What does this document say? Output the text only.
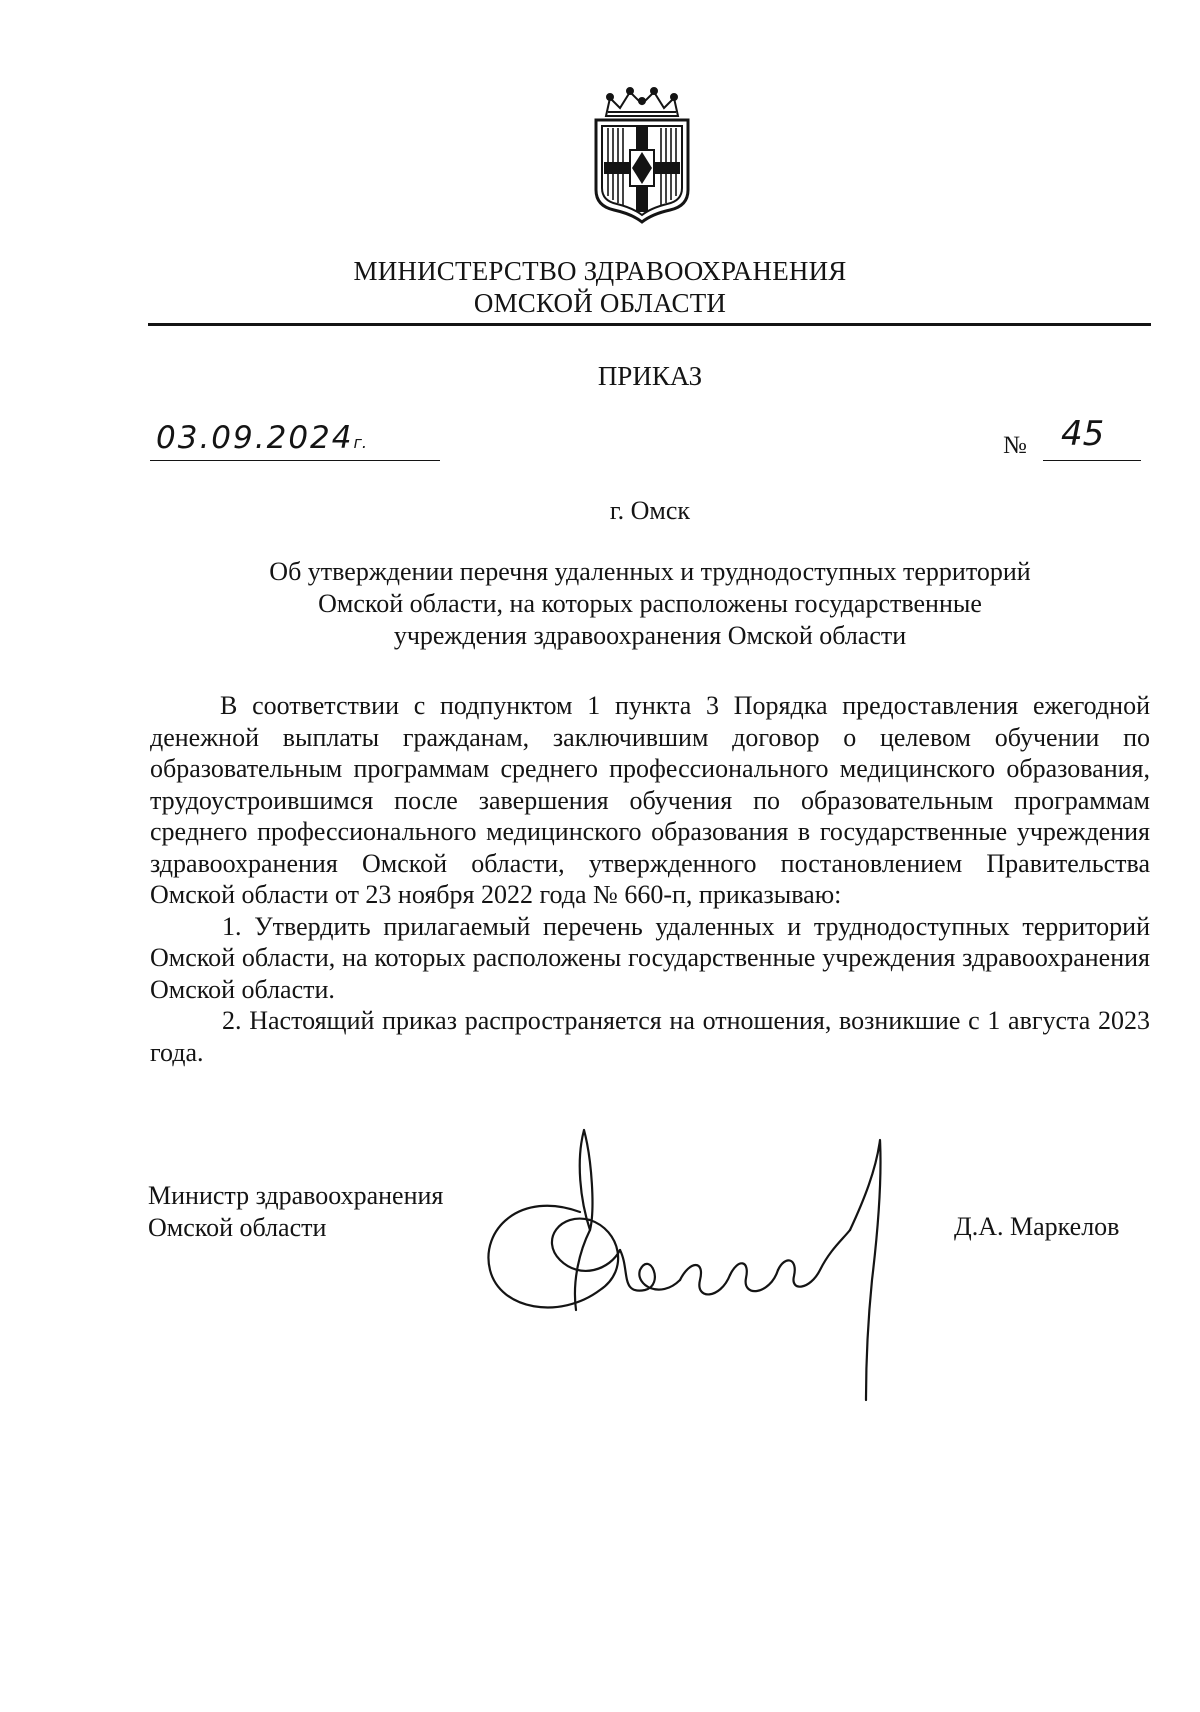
МИНИСТЕРСТВО ЗДРАВООХРАНЕНИЯ
ОМСКОЙ ОБЛАСТИ
ПРИКАЗ
03.09.2024г.	№ 45
г. Омск
Об утверждении перечня удаленных и труднодоступных территорий
Омской области, на которых расположены государственные
учреждения здравоохранения Омской области

В соответствии с подпунктом 1 пункта 3 Порядка предоставления ежегодной денежной выплаты гражданам, заключившим договор о целевом обучении по образовательным программам среднего профессионального медицинского образования, трудоустроившимся после завершения обучения по образовательным программам среднего профессионального медицинского образования в государственные учреждения здравоохранения Омской области, утвержденного постановлением Правительства Омской области от 23 ноября 2022 года № 660-п, приказываю:

1. Утвердить прилагаемый перечень удаленных и труднодоступных территорий Омской области, на которых расположены государственные учреждения здравоохранения Омской области.

2. Настоящий приказ распространяется на отношения, возникшие с 1 августа 2023 года.

Министр здравоохранения
Омской области	Д.А. Маркелов
